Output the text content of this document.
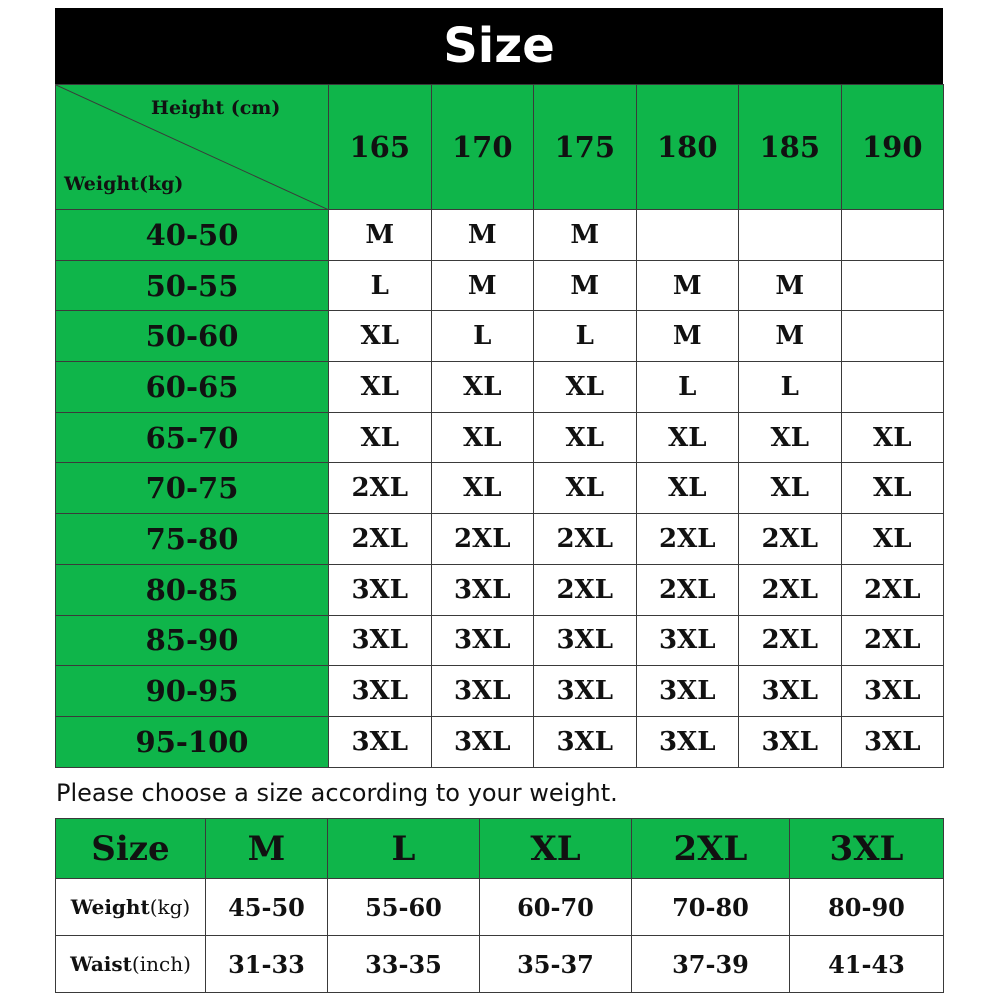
Size
Height (cm)
Weight(kg)	165	170	175	180	185	190
40-50	M	M	M			
50-55	L	M	M	M	M	
50-60	XL	L	L	M	M	
60-65	XL	XL	XL	L	L	
65-70	XL	XL	XL	XL	XL	XL
70-75	2XL	XL	XL	XL	XL	XL
75-80	2XL	2XL	2XL	2XL	2XL	XL
80-85	3XL	3XL	2XL	2XL	2XL	2XL
85-90	3XL	3XL	3XL	3XL	2XL	2XL
90-95	3XL	3XL	3XL	3XL	3XL	3XL
95-100	3XL	3XL	3XL	3XL	3XL	3XL
Please choose a size according to your weight.
Size	M	L	XL	2XL	3XL
Weight(kg)	45-50	55-60	60-70	70-80	80-90
Waist(inch)	31-33	33-35	35-37	37-39	41-43
